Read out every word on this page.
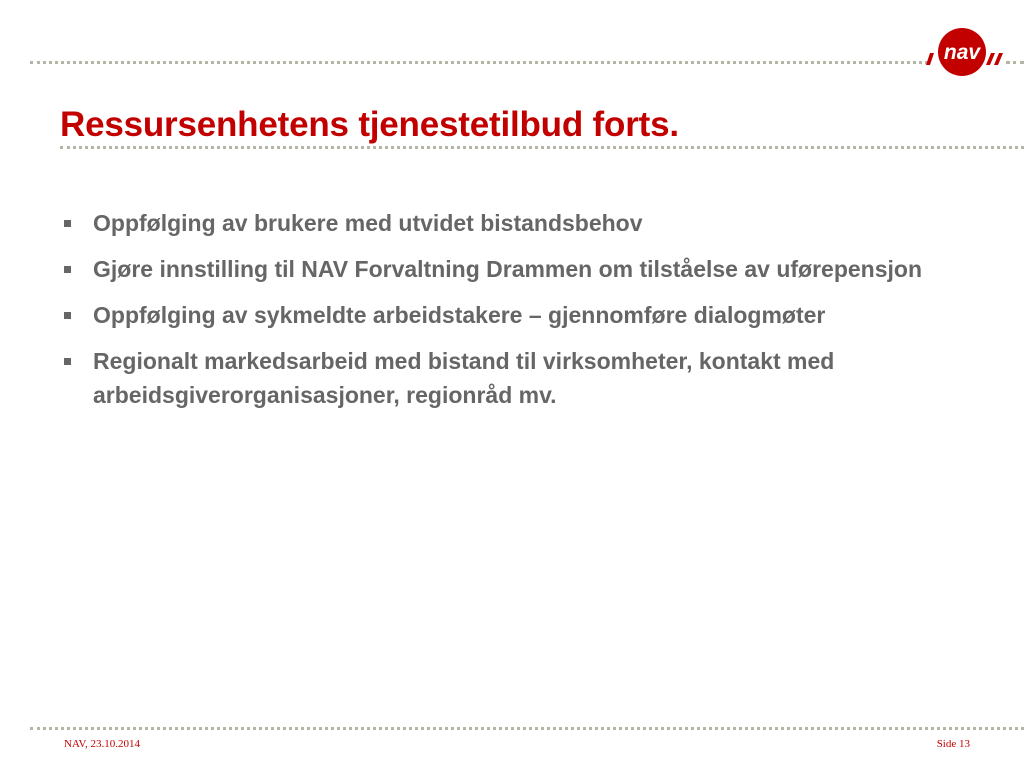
nav
Ressursenhetens tjenestetilbud forts.
Oppfølging av brukere med utvidet bistandsbehov
Gjøre innstilling til NAV Forvaltning Drammen om tilståelse av uførepensjon
Oppfølging av sykmeldte arbeidstakere – gjennomføre dialogmøter
Regionalt markedsarbeid med bistand til virksomheter, kontakt med arbeidsgiverorganisasjoner, regionråd mv.
NAV, 23.10.2014	Side 13
